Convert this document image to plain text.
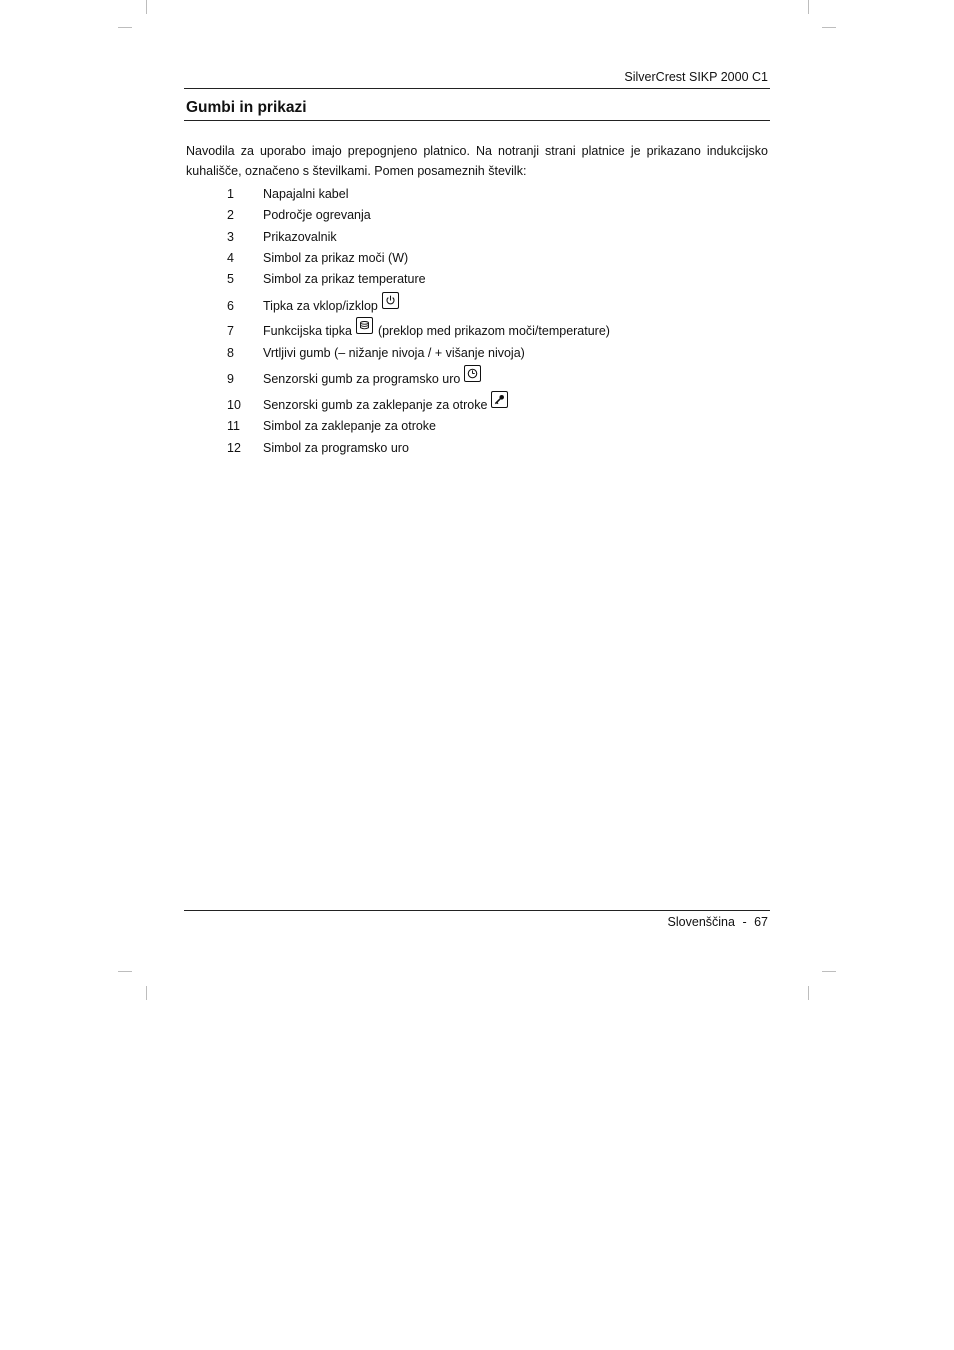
SilverCrest SIKP 2000 C1
Gumbi in prikazi
Navodila za uporabo imajo prepognjeno platnico. Na notranji strani platnice je prikazano indukcijsko
kuhališče, označeno s številkami. Pomen posameznih številk:
1 Napajalni kabel
2 Področje ogrevanja
3 Prikazovalnik
4 Simbol za prikaz moči (W)
5 Simbol za prikaz temperature
6 Tipka za vklop/izklop
7 Funkcijska tipka (preklop med prikazom moči/temperature)
8 Vrtljivi gumb (– nižanje nivoja / + višanje nivoja)
9 Senzorski gumb za programsko uro
10 Senzorski gumb za zaklepanje za otroke
11 Simbol za zaklepanje za otroke
12 Simbol za programsko uro
Slovenščina - 67
